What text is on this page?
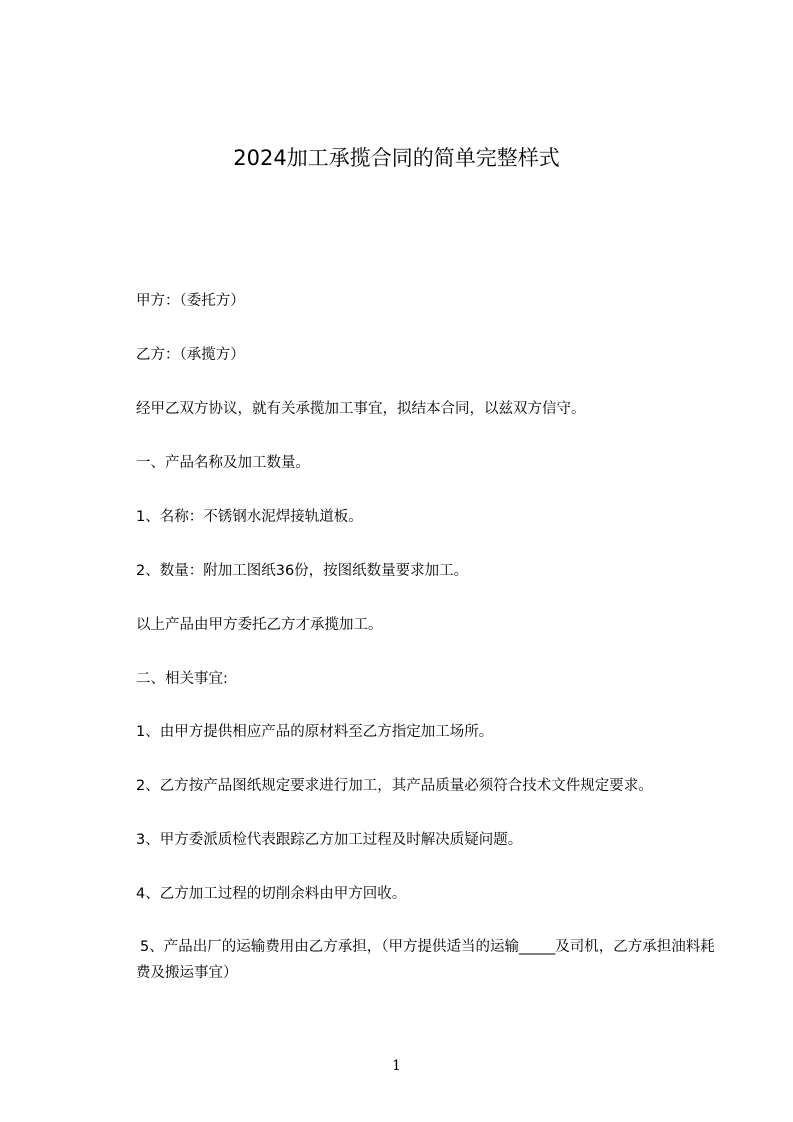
2024加工承揽合同的简单完整样式
甲方：（委托方）
乙方：（承揽方）
经甲乙双方协议，就有关承揽加工事宜，拟结本合同，以兹双方信守。
一、产品名称及加工数量。
1、名称：不锈钢水泥焊接轨道板。
2、数量：附加工图纸36份，按图纸数量要求加工。
以上产品由甲方委托乙方才承揽加工。
二、相关事宜:
1、由甲方提供相应产品的原材料至乙方指定加工场所。
2、乙方按产品图纸规定要求进行加工，其产品质量必须符合技术文件规定要求。
3、甲方委派质检代表跟踪乙方加工过程及时解决质疑问题。
4、乙方加工过程的切削余料由甲方回收。
5、产品出厂的运输费用由乙方承担，（甲方提供适当的运输_____及司机，乙方承担油料耗费及搬运事宜）
1
